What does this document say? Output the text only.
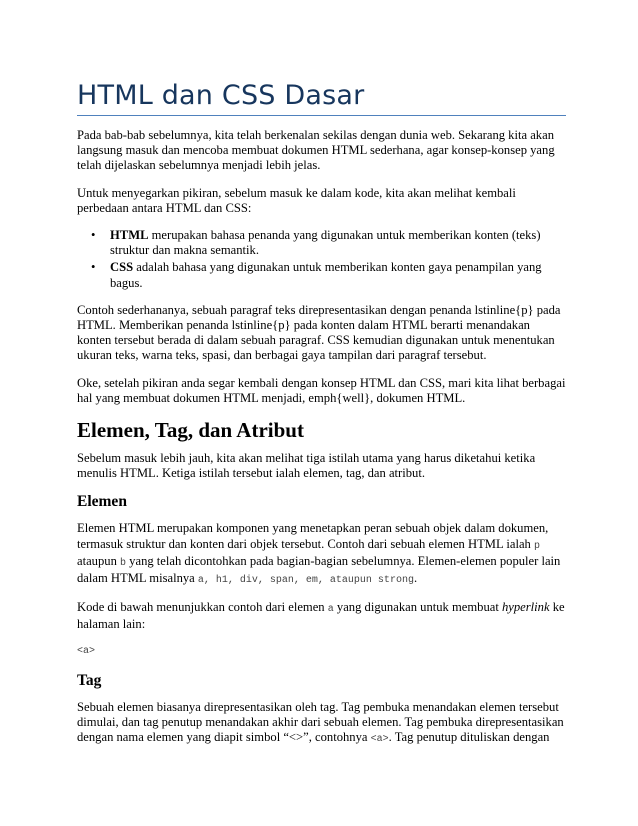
HTML dan CSS Dasar

Pada bab-bab sebelumnya, kita telah berkenalan sekilas dengan dunia web. Sekarang kita akan langsung masuk dan mencoba membuat dokumen HTML sederhana, agar konsep-konsep yang telah dijelaskan sebelumnya menjadi lebih jelas.

Untuk menyegarkan pikiran, sebelum masuk ke dalam kode, kita akan melihat kembali perbedaan antara HTML dan CSS:

• HTML merupakan bahasa penanda yang digunakan untuk memberikan konten (teks) struktur dan makna semantik.
• CSS adalah bahasa yang digunakan untuk memberikan konten gaya penampilan yang bagus.

Contoh sederhananya, sebuah paragraf teks direpresentasikan dengan penanda lstinline{p} pada HTML. Memberikan penanda lstinline{p} pada konten dalam HTML berarti menandakan konten tersebut berada di dalam sebuah paragraf. CSS kemudian digunakan untuk menentukan ukuran teks, warna teks, spasi, dan berbagai gaya tampilan dari paragraf tersebut.

Oke, setelah pikiran anda segar kembali dengan konsep HTML dan CSS, mari kita lihat berbagai hal yang membuat dokumen HTML menjadi, emph{well}, dokumen HTML.

Elemen, Tag, dan Atribut

Sebelum masuk lebih jauh, kita akan melihat tiga istilah utama yang harus diketahui ketika menulis HTML. Ketiga istilah tersebut ialah elemen, tag, dan atribut.

Elemen

Elemen HTML merupakan komponen yang menetapkan peran sebuah objek dalam dokumen, termasuk struktur dan konten dari objek tersebut. Contoh dari sebuah elemen HTML ialah p ataupun b yang telah dicontohkan pada bagian-bagian sebelumnya. Elemen-elemen populer lain dalam HTML misalnya a, h1, div, span, em, ataupun strong.

Kode di bawah menunjukkan contoh dari elemen a yang digunakan untuk membuat hyperlink ke halaman lain:

<a>
Tag

Sebuah elemen biasanya direpresentasikan oleh tag. Tag pembuka menandakan elemen tersebut dimulai, dan tag penutup menandakan akhir dari sebuah elemen. Tag pembuka direpresentasikan dengan nama elemen yang diapit simbol “<>”, contohnya <a>. Tag penutup dituliskan dengan
